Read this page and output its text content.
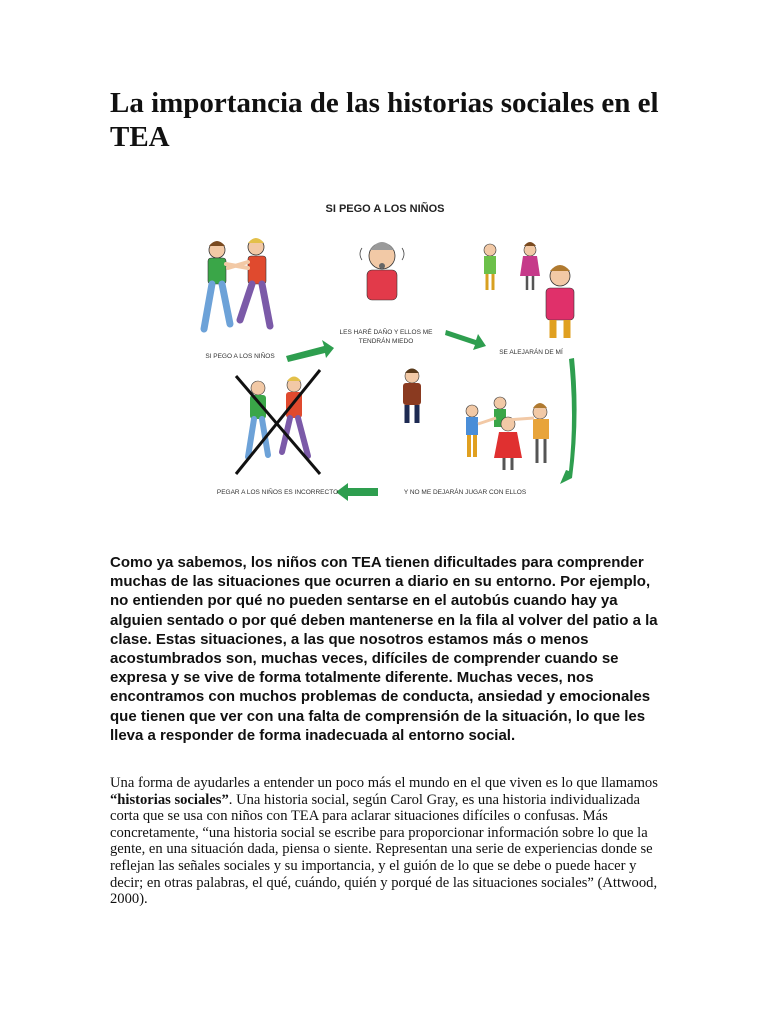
La importancia de las historias sociales en el TEA
SI PEGO A LOS NIÑOS
SI PEGO A LOS NIÑOS
LES HARÉ DAÑO Y ELLOS ME TENDRÁN MIEDO
SE ALEJARÁN DE MÍ
Y NO ME DEJARÁN JUGAR CON ELLOS
PEGAR A LOS NIÑOS ES INCORRECTO

Como ya sabemos, los niños con TEA tienen dificultades para comprender muchas de las situaciones que ocurren a diario en su entorno. Por ejemplo, no entienden por qué no pueden sentarse en el autobús cuando hay ya alguien sentado o por qué deben mantenerse en la fila al volver del patio a la clase. Estas situaciones, a las que nosotros estamos más o menos acostumbrados son, muchas veces, difíciles de comprender cuando se expresa y se vive de forma totalmente diferente. Muchas veces, nos encontramos con muchos problemas de conducta, ansiedad y emocionales que tienen que ver con una falta de comprensión de la situación, lo que les lleva a responder de forma inadecuada al entorno social.

Una forma de ayudarles a entender un poco más el mundo en el que viven es lo que llamamos “historias sociales”. Una historia social, según Carol Gray, es una historia individualizada corta que se usa con niños con TEA para aclarar situaciones difíciles o confusas. Más concretamente, “una historia social se escribe para proporcionar información sobre lo que la gente, en una situación dada, piensa o siente. Representan una serie de experiencias donde se reflejan las señales sociales y su importancia, y el guión de lo que se debe o puede hacer y decir; en otras palabras, el qué, cuándo, quién y porqué de las situaciones sociales” (Attwood, 2000).
